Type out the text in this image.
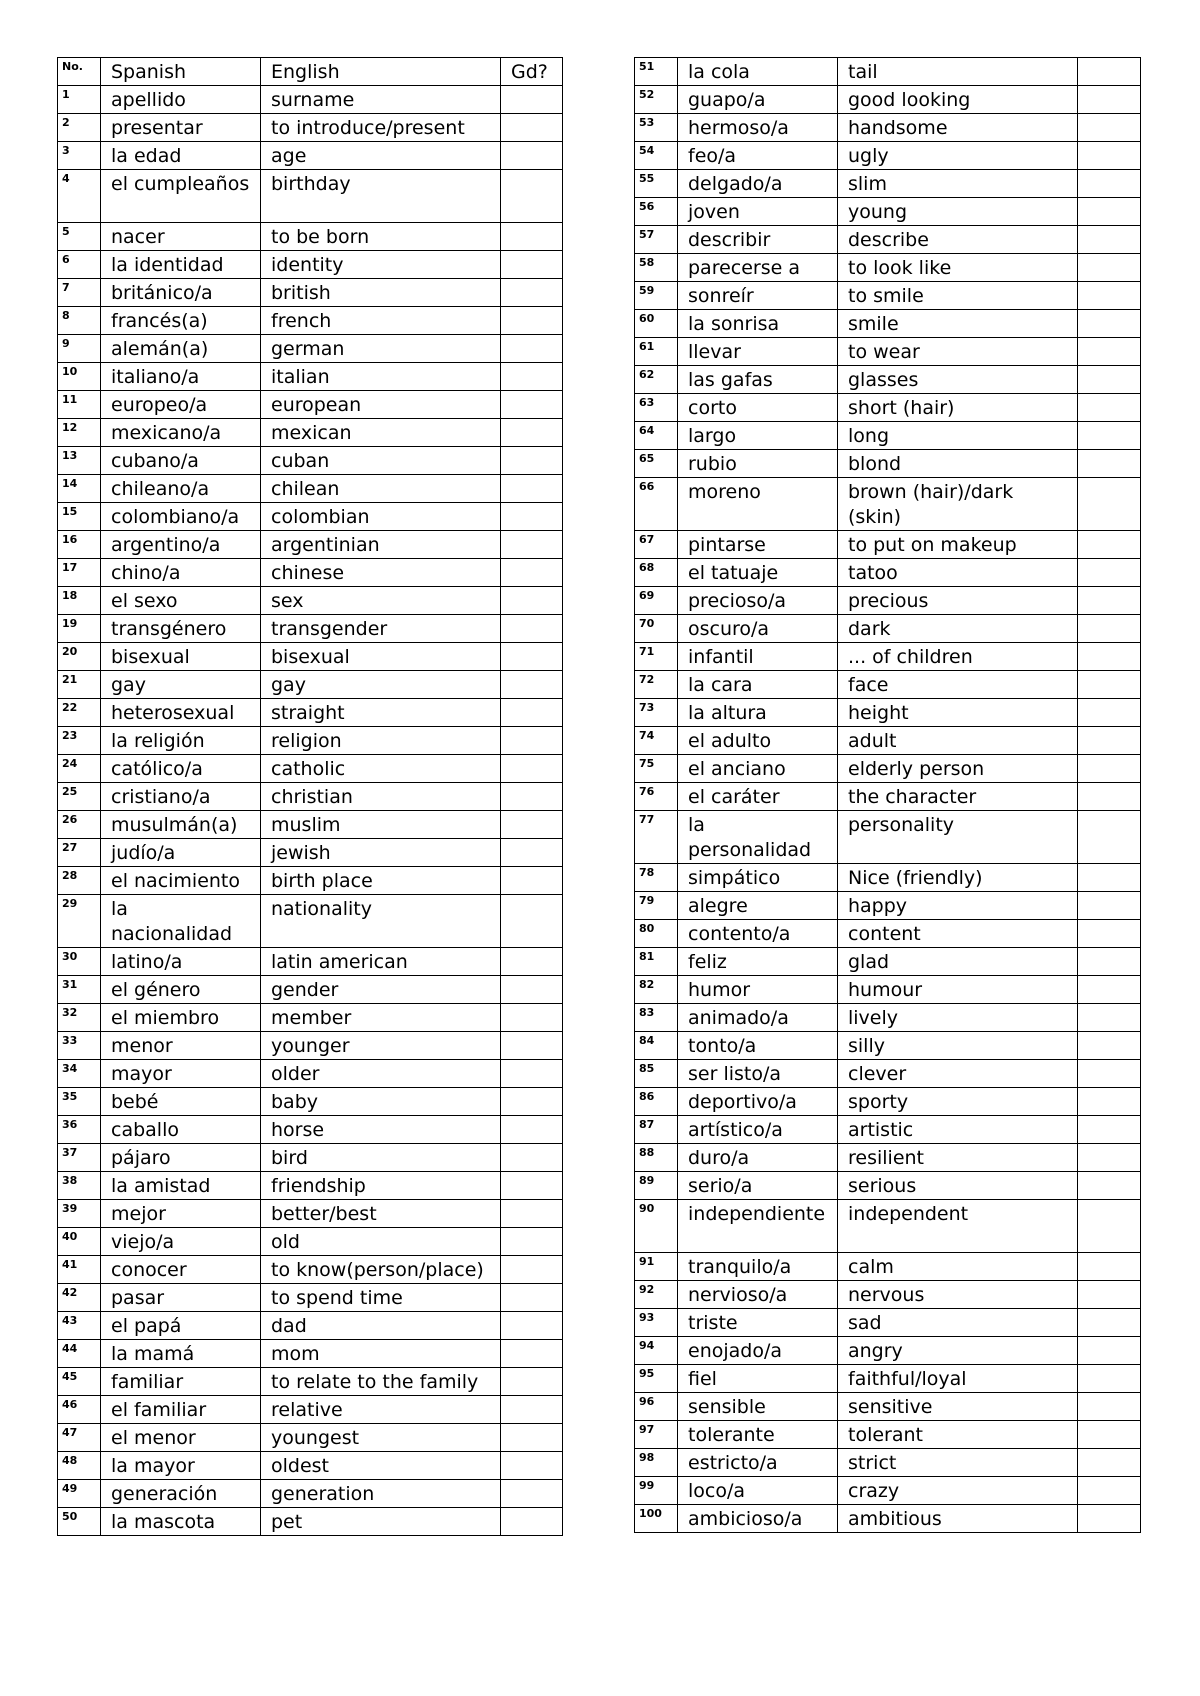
No.	Spanish	English	Gd?
1	apellido	surname	
2	presentar	to introduce/present	
3	la edad	age	
4	el cumpleaños	birthday	
5	nacer	to be born	
6	la identidad	identity	
7	británico/a	british	
8	francés(a)	french	
9	alemán(a)	german	
10	italiano/a	italian	
11	europeo/a	european	
12	mexicano/a	mexican	
13	cubano/a	cuban	
14	chileano/a	chilean	
15	colombiano/a	colombian	
16	argentino/a	argentinian	
17	chino/a	chinese	
18	el sexo	sex	
19	transgénero	transgender	
20	bisexual	bisexual	
21	gay	gay	
22	heterosexual	straight	
23	la religión	religion	
24	católico/a	catholic	
25	cristiano/a	christian	
26	musulmán(a)	muslim	
27	judío/a	jewish	
28	el nacimiento	birth place	
29	la nacionalidad	nationality	
30	latino/a	latin american	
31	el género	gender	
32	el miembro	member	
33	menor	younger	
34	mayor	older	
35	bebé	baby	
36	caballo	horse	
37	pájaro	bird	
38	la amistad	friendship	
39	mejor	better/best	
40	viejo/a	old	
41	conocer	to know(person/place)	
42	pasar	to spend time	
43	el papá	dad	
44	la mamá	mom	
45	familiar	to relate to the family	
46	el familiar	relative	
47	el menor	youngest	
48	la mayor	oldest	
49	generación	generation	
50	la mascota	pet	
51	la cola	tail	
52	guapo/a	good looking	
53	hermoso/a	handsome	
54	feo/a	ugly	
55	delgado/a	slim	
56	joven	young	
57	describir	describe	
58	parecerse a	to look like	
59	sonreír	to smile	
60	la sonrisa	smile	
61	llevar	to wear	
62	las gafas	glasses	
63	corto	short (hair)	
64	largo	long	
65	rubio	blond	
66	moreno	brown (hair)/dark (skin)	
67	pintarse	to put on makeup	
68	el tatuaje	tatoo	
69	precioso/a	precious	
70	oscuro/a	dark	
71	infantil	... of children	
72	la cara	face	
73	la altura	height	
74	el adulto	adult	
75	el anciano	elderly person	
76	el caráter	the character	
77	la personalidad	personality	
78	simpático	Nice (friendly)	
79	alegre	happy	
80	contento/a	content	
81	feliz	glad	
82	humor	humour	
83	animado/a	lively	
84	tonto/a	silly	
85	ser listo/a	clever	
86	deportivo/a	sporty	
87	artístico/a	artistic	
88	duro/a	resilient	
89	serio/a	serious	
90	independiente	independent	
91	tranquilo/a	calm	
92	nervioso/a	nervous	
93	triste	sad	
94	enojado/a	angry	
95	fiel	faithful/loyal	
96	sensible	sensitive	
97	tolerante	tolerant	
98	estricto/a	strict	
99	loco/a	crazy	
100	ambicioso/a	ambitious	
